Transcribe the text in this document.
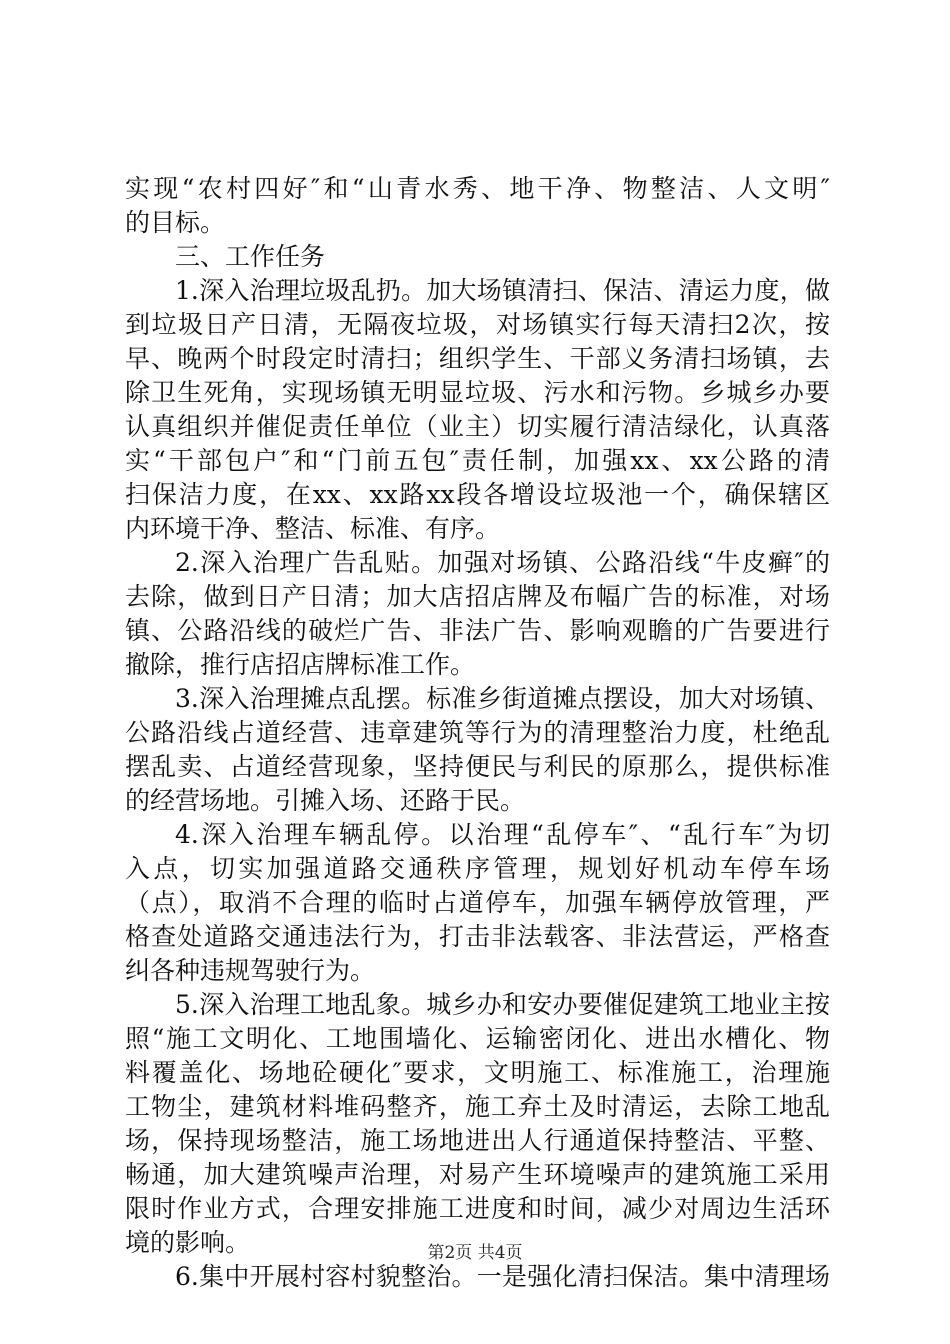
实现“农村四好″和“山青水秀、地干净、物整洁、人文明″
的目标。
三、工作任务
1.深入治理垃圾乱扔。加大场镇清扫、保洁、清运力度，做
到垃圾日产日清，无隔夜垃圾，对场镇实行每天清扫2次，按
早、晚两个时段定时清扫；组织学生、干部义务清扫场镇，去
除卫生死角，实现场镇无明显垃圾、污水和污物。乡城乡办要
认真组织并催促责任单位（业主）切实履行清洁绿化，认真落
实“干部包户″和“门前五包″责任制，加强xx、xx公路的清
扫保洁力度，在xx、xx路xx段各增设垃圾池一个，确保辖区
内环境干净、整洁、标准、有序。
2.深入治理广告乱贴。加强对场镇、公路沿线“牛皮癣″的
去除，做到日产日清；加大店招店牌及布幅广告的标准，对场
镇、公路沿线的破烂广告、非法广告、影响观瞻的广告要进行
撤除，推行店招店牌标准工作。
3.深入治理摊点乱摆。标准乡街道摊点摆设，加大对场镇、
公路沿线占道经营、违章建筑等行为的清理整治力度，杜绝乱
摆乱卖、占道经营现象，坚持便民与利民的原那么，提供标准
的经营场地。引摊入场、还路于民。
4.深入治理车辆乱停。以治理“乱停车″、“乱行车″为切
入点，切实加强道路交通秩序管理，规划好机动车停车场
（点），取消不合理的临时占道停车，加强车辆停放管理，严
格查处道路交通违法行为，打击非法载客、非法营运，严格查
纠各种违规驾驶行为。
5.深入治理工地乱象。城乡办和安办要催促建筑工地业主按
照“施工文明化、工地围墙化、运输密闭化、进出水槽化、物
料覆盖化、场地砼硬化″要求，文明施工、标准施工，治理施
工物尘，建筑材料堆码整齐，施工弃土及时清运，去除工地乱
场，保持现场整洁，施工场地进出人行通道保持整洁、平整、
畅通，加大建筑噪声治理，对易产生环境噪声的建筑施工采用
限时作业方式，合理安排施工进度和时间，减少对周边生活环
境的影响。
6.集中开展村容村貌整治。一是强化清扫保洁。集中清理场
第2页 共4页
